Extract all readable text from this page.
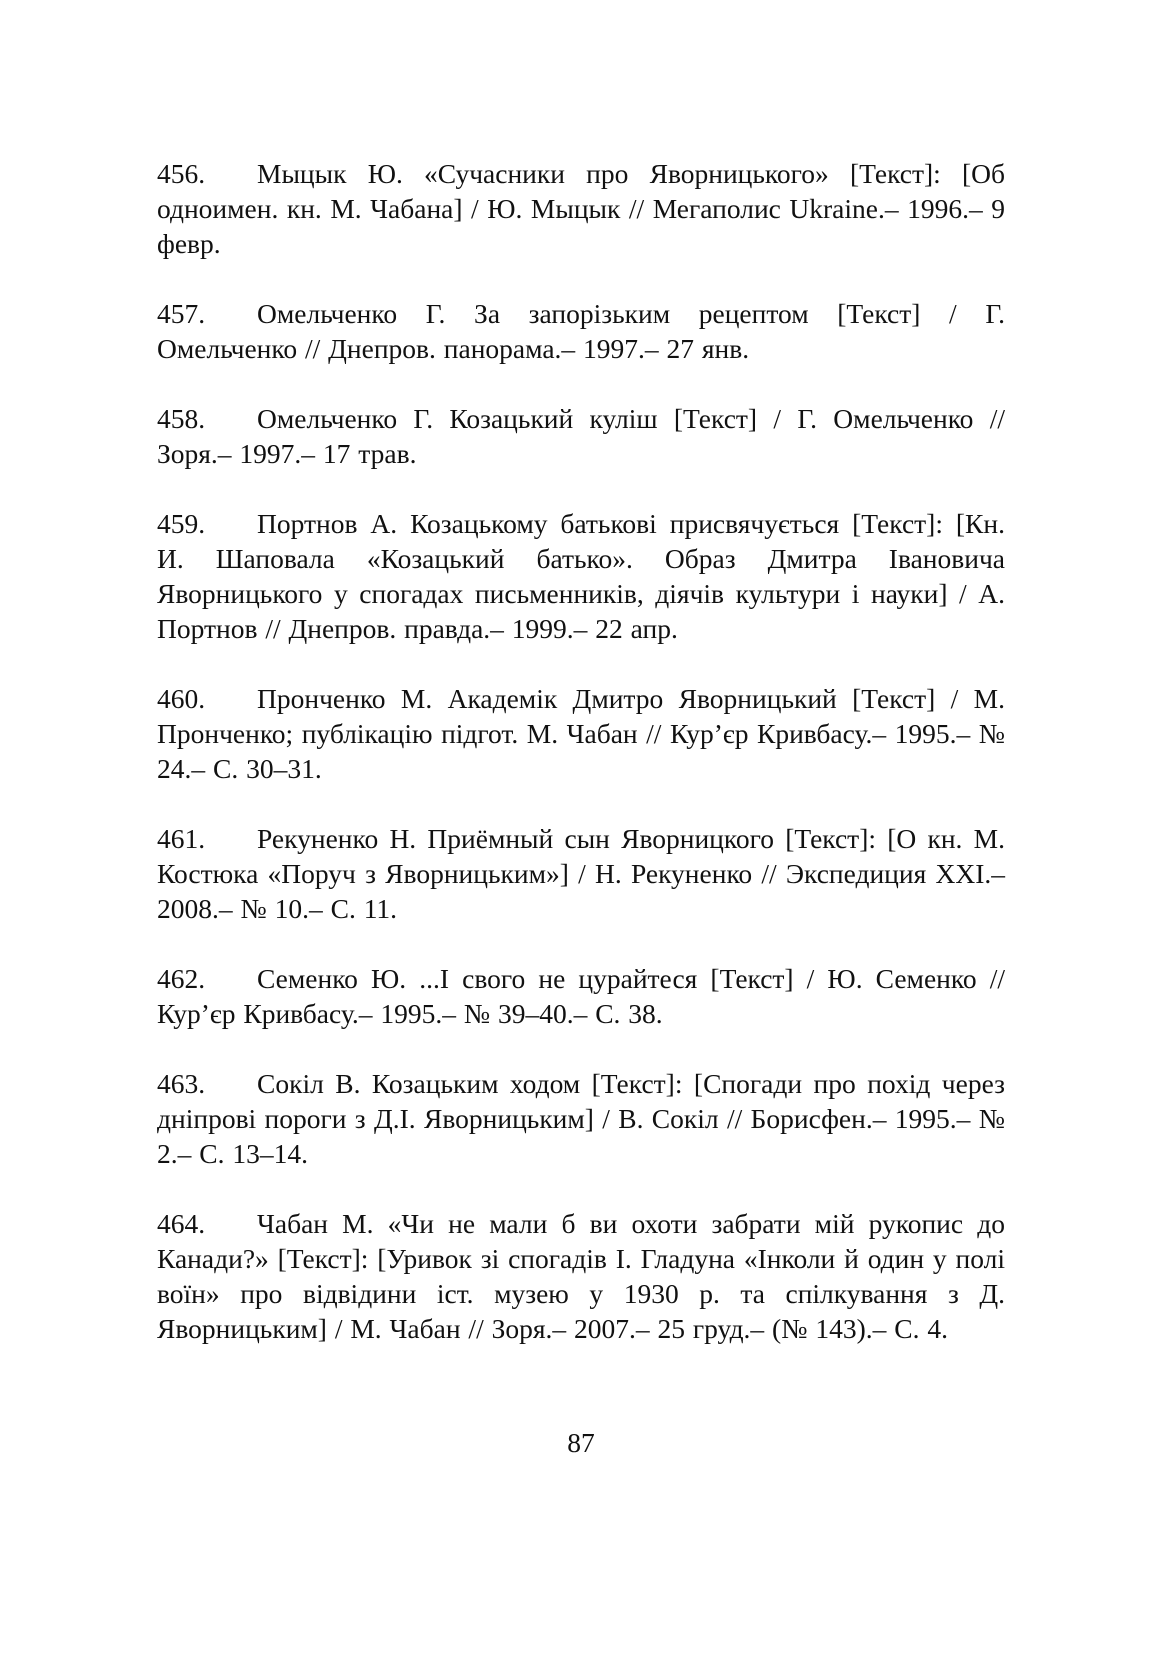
456. Мыцык Ю. «Сучасники про Яворницького» [Текст]: [Об одноимен. кн. М. Чабана] / Ю. Мыцык // Мегаполис Ukraine.– 1996.– 9 февр.

457. Омельченко Г. За запорізьким рецептом [Текст] / Г. Омельченко // Днепров. панорама.– 1997.– 27 янв.

458. Омельченко Г. Козацький куліш [Текст] / Г. Омельченко // Зоря.– 1997.– 17 трав.

459. Портнов А. Козацькому батькові присвячується [Текст]: [Кн. И. Шаповала «Козацький батько». Образ Дмитра Івановича Яворницького у спогадах письменників, діячів культури і науки] / А. Портнов // Днепров. правда.– 1999.– 22 апр.

460. Пронченко М. Академік Дмитро Яворницький [Текст] / М. Пронченко; публікацію підгот. М. Чабан // Кур’єр Кривбасу.– 1995.– № 24.– С. 30–31.

461. Рекуненко Н. Приёмный сын Яворницкого [Текст]: [О кн. М. Костюка «Поруч з Яворницьким»] / Н. Рекуненко // Экспедиция XXI.– 2008.– № 10.– С. 11.

462. Семенко Ю. ...І свого не цурайтеся [Текст] / Ю. Семенко // Кур’єр Кривбасу.– 1995.– № 39–40.– С. 38.

463. Сокіл В. Козацьким ходом [Текст]: [Спогади про похід через дніпрові пороги з Д.І. Яворницьким] / В. Сокіл // Борисфен.– 1995.– № 2.– С. 13–14.

464. Чабан М. «Чи не мали б ви охоти забрати мій рукопис до Канади?» [Текст]: [Уривок зі спогадів І. Гладуна «Інколи й один у полі воїн» про відвідини іст. музею у 1930 р. та спілкування з Д. Яворницьким] / М. Чабан // Зоря.– 2007.– 25 груд.– (№ 143).– С. 4.

87
